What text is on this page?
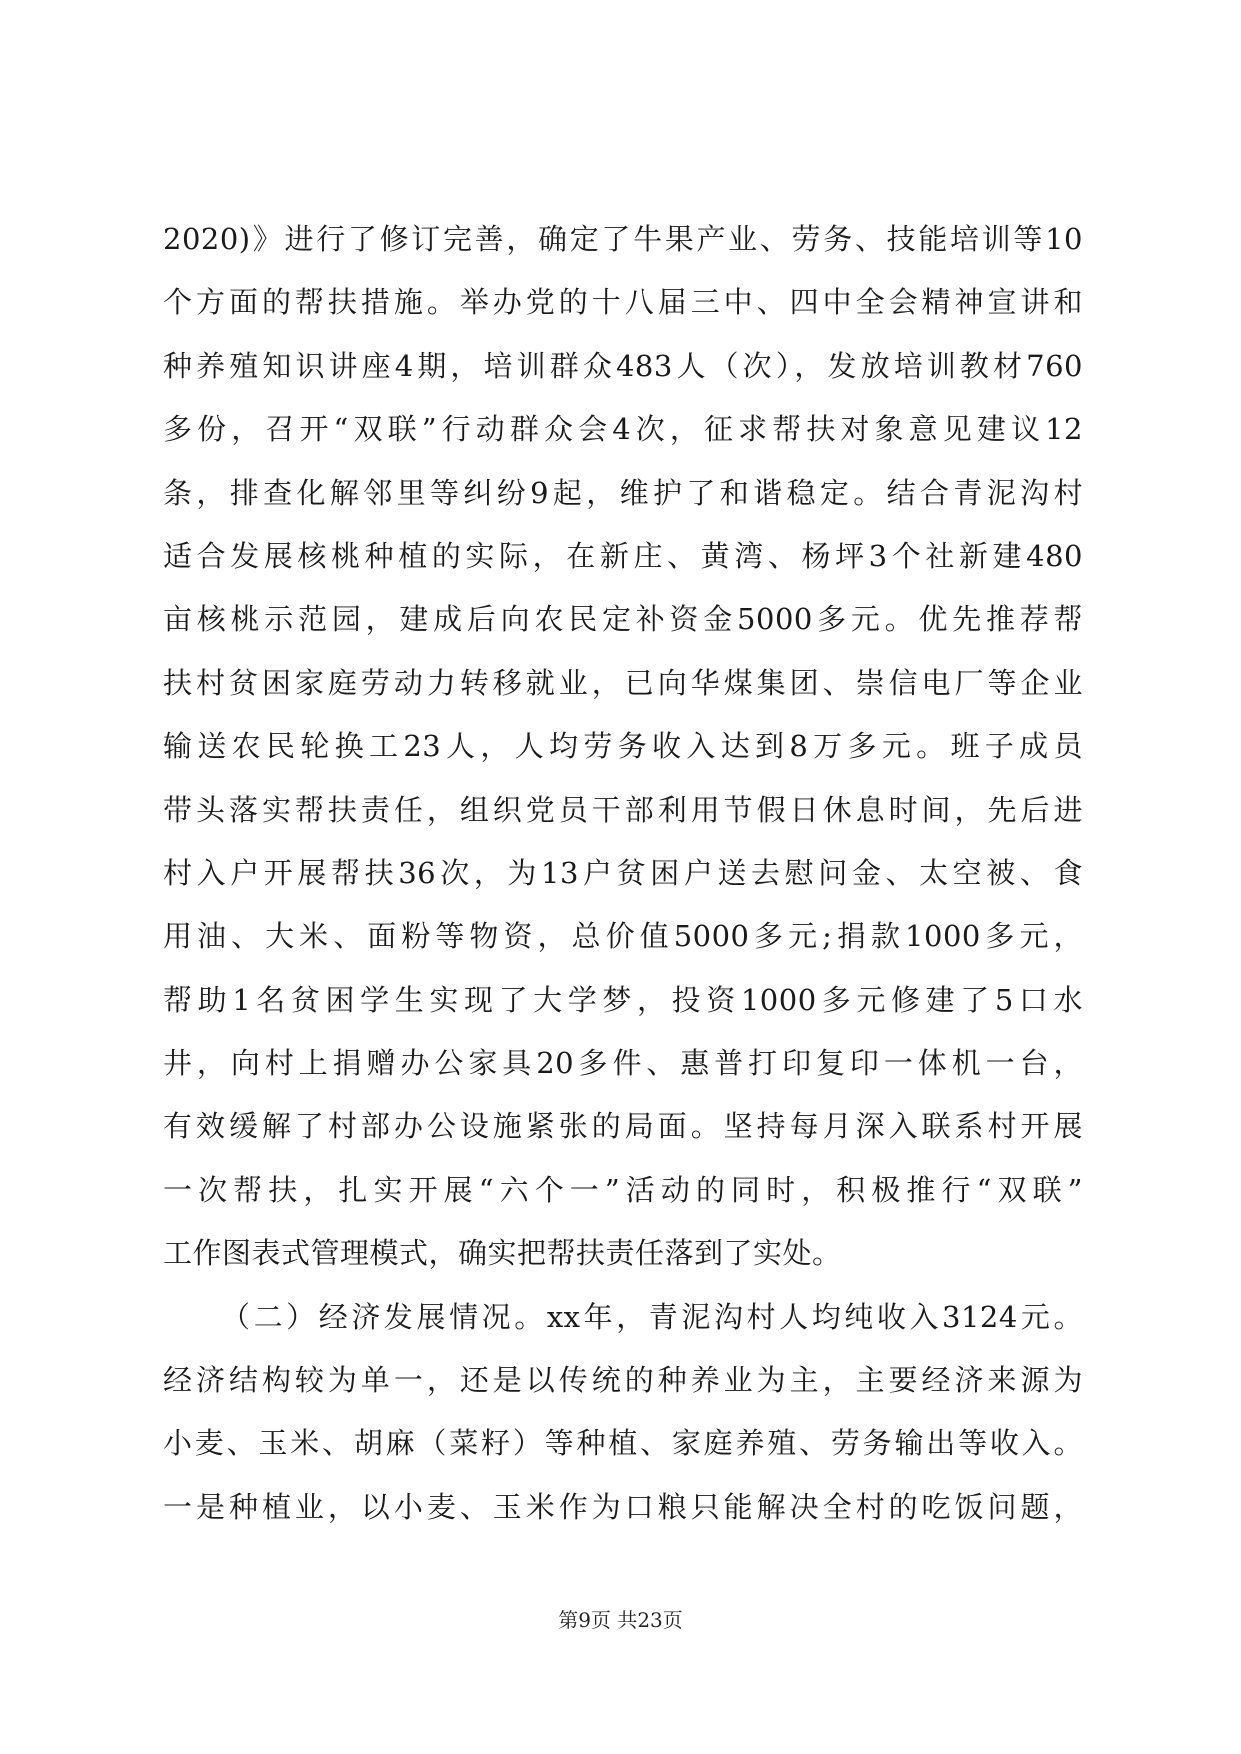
2020)》进行了修订完善，确定了牛果产业、劳务、技能培训等10
个方面的帮扶措施。举办党的十八届三中、四中全会精神宣讲和
种养殖知识讲座4期，培训群众483人（次），发放培训教材760
多份，召开“双联”行动群众会4次，征求帮扶对象意见建议12
条，排查化解邻里等纠纷9起，维护了和谐稳定。结合青泥沟村
适合发展核桃种植的实际，在新庄、黄湾、杨坪3个社新建480
亩核桃示范园，建成后向农民定补资金5000多元。优先推荐帮
扶村贫困家庭劳动力转移就业，已向华煤集团、崇信电厂等企业
输送农民轮换工23人，人均劳务收入达到8万多元。班子成员
带头落实帮扶责任，组织党员干部利用节假日休息时间，先后进
村入户开展帮扶36次，为13户贫困户送去慰问金、太空被、食
用油、大米、面粉等物资，总价值5000多元;捐款1000多元，
帮助1名贫困学生实现了大学梦，投资1000多元修建了5口水
井，向村上捐赠办公家具20多件、惠普打印复印一体机一台，
有效缓解了村部办公设施紧张的局面。坚持每月深入联系村开展
一次帮扶，扎实开展“六个一”活动的同时，积极推行“双联”
工作图表式管理模式，确实把帮扶责任落到了实处。
（二）经济发展情况。xx年，青泥沟村人均纯收入3124元。
经济结构较为单一，还是以传统的种养业为主，主要经济来源为
小麦、玉米、胡麻（菜籽）等种植、家庭养殖、劳务输出等收入。
一是种植业，以小麦、玉米作为口粮只能解决全村的吃饭问题，
第9页 共23页
